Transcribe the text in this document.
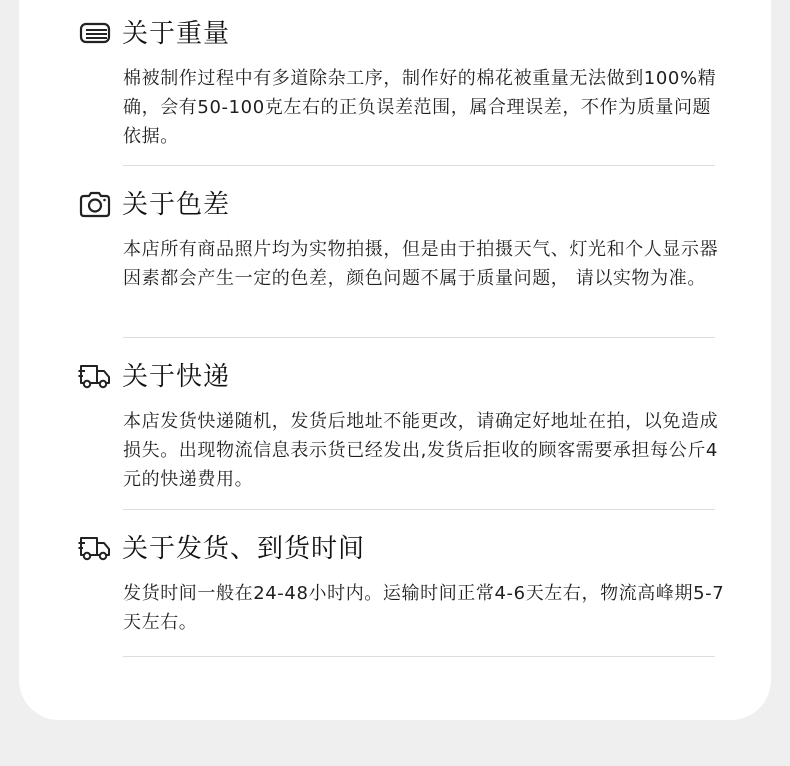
关于重量
棉被制作过程中有多道除杂工序，制作好的棉花被重量无法做到100%精确，会有50-100克左右的正负误差范围，属合理误差，不作为质量问题依据。
关于色差
本店所有商品照片均为实物拍摄，但是由于拍摄天气、灯光和个人显示器因素都会产生一定的色差，颜色问题不属于质量问题， 请以实物为准。
关于快递
本店发货快递随机，发货后地址不能更改，请确定好地址在拍，以免造成损失。出现物流信息表示货已经发出,发货后拒收的顾客需要承担每公斤4元的快递费用。
关于发货、到货时间
发货时间一般在24-48小时内。运输时间正常4-6天左右，物流高峰期5-7天左右。
